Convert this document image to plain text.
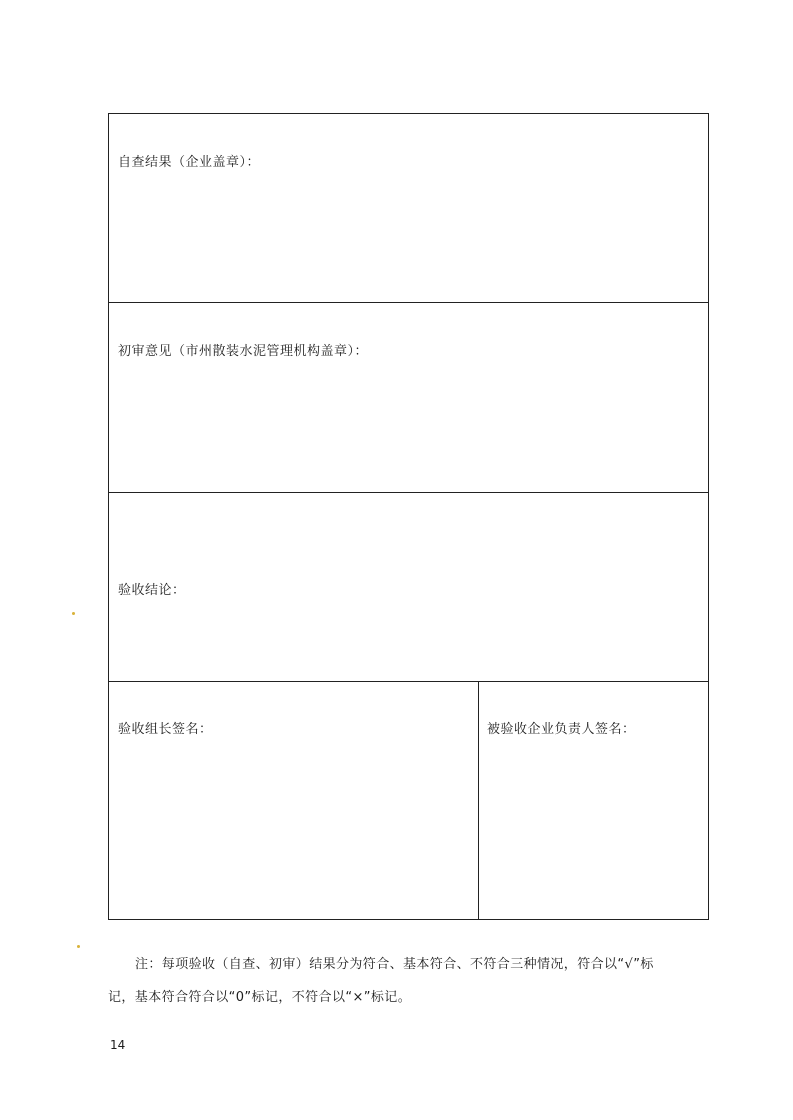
自查结果（企业盖章）：
初审意见（市州散装水泥管理机构盖章）：
验收结论：
验收组长签名：	被验收企业负责人签名：
注：每项验收（自查、初审）结果分为符合、基本符合、不符合三种情况，符合以“√”标
记，基本符合符合以“0”标记，不符合以“×”标记。
14
